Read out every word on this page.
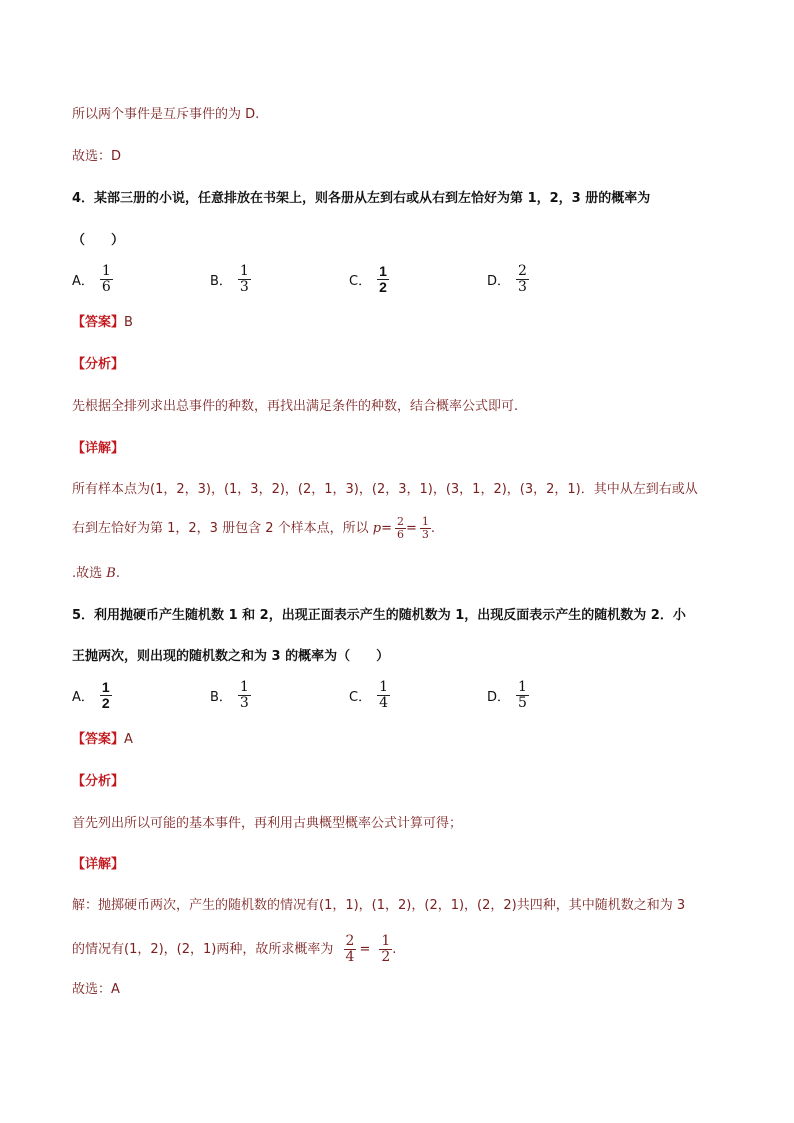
所以两个事件是互斥事件的为 D.
故选：D
4．某部三册的小说，任意排放在书架上，则各册从左到右或从右到左恰好为第 1，2，3 册的概率为
（　　）
A． $\frac{1}{6}$	B． $\frac{1}{3}$	C． $\frac{1}{2}$	D． $\frac{2}{3}$
【答案】B
【分析】
先根据全排列求出总事件的种数，再找出满足条件的种数，结合概率公式即可.
【详解】
所有样本点为(1，2，3)，(1，3，2)，(2，1，3)，(2，3，1)，(3，1，2)，(3，2，1)．其中从左到右或从
右到左恰好为第 1，2，3 册包含 2 个样本点，所以 $p= \frac{2}{6} = \frac{1}{3}$ .
.故选 B.
5．利用抛硬币产生随机数 1 和 2，出现正面表示产生的随机数为 1，出现反面表示产生的随机数为 2．小
王抛两次，则出现的随机数之和为 3 的概率为（　　）
A． $\frac{1}{2}$	B． $\frac{1}{3}$	C． $\frac{1}{4}$	D． $\frac{1}{5}$
【答案】A
【分析】
首先列出所以可能的基本事件，再利用古典概型概率公式计算可得；
【详解】
解：抛掷硬币两次，产生的随机数的情况有(1，1)，(1，2)，(2，1)，(2，2)共四种，其中随机数之和为 3
的情况有(1，2)，(2，1)两种，故所求概率为 $\frac{2}{4} = \frac{1}{2}$ .
故选：A
